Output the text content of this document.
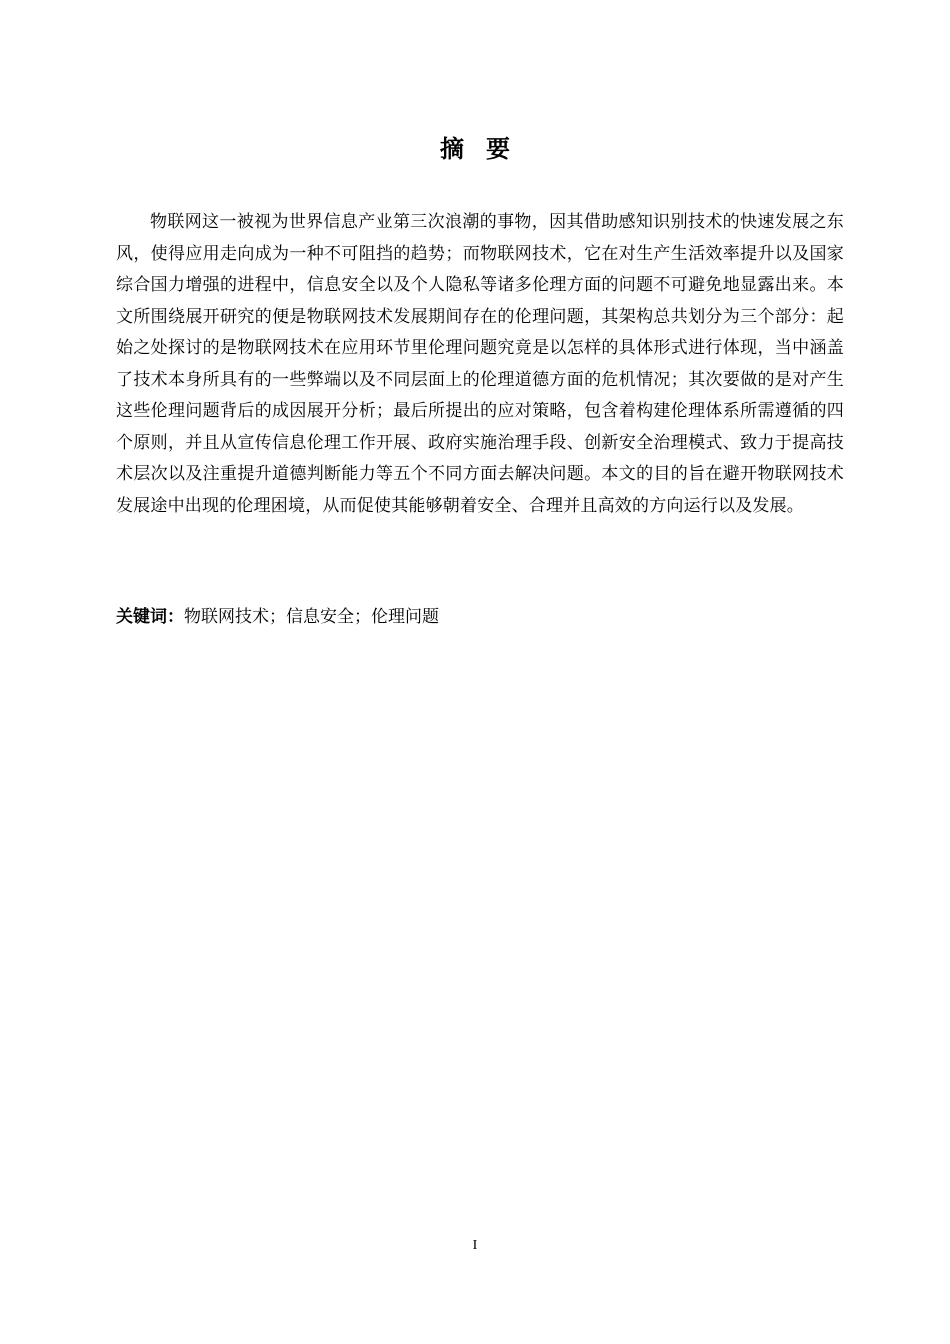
摘要

物联网这一被视为世界信息产业第三次浪潮的事物，因其借助感知识别技术的快速发展之东风，使得应用走向成为一种不可阻挡的趋势；而物联网技术，它在对生产生活效率提升以及国家综合国力增强的进程中，信息安全以及个人隐私等诸多伦理方面的问题不可避免地显露出来。本文所围绕展开研究的便是物联网技术发展期间存在的伦理问题，其架构总共划分为三个部分：起始之处探讨的是物联网技术在应用环节里伦理问题究竟是以怎样的具体形式进行体现，当中涵盖了技术本身所具有的一些弊端以及不同层面上的伦理道德方面的危机情况；其次要做的是对产生这些伦理问题背后的成因展开分析；最后所提出的应对策略，包含着构建伦理体系所需遵循的四个原则，并且从宣传信息伦理工作开展、政府实施治理手段、创新安全治理模式、致力于提高技术层次以及注重提升道德判断能力等五个不同方面去解决问题。本文的目的旨在避开物联网技术发展途中出现的伦理困境，从而促使其能够朝着安全、合理并且高效的方向运行以及发展。

关键词：物联网技术；信息安全；伦理问题
I
